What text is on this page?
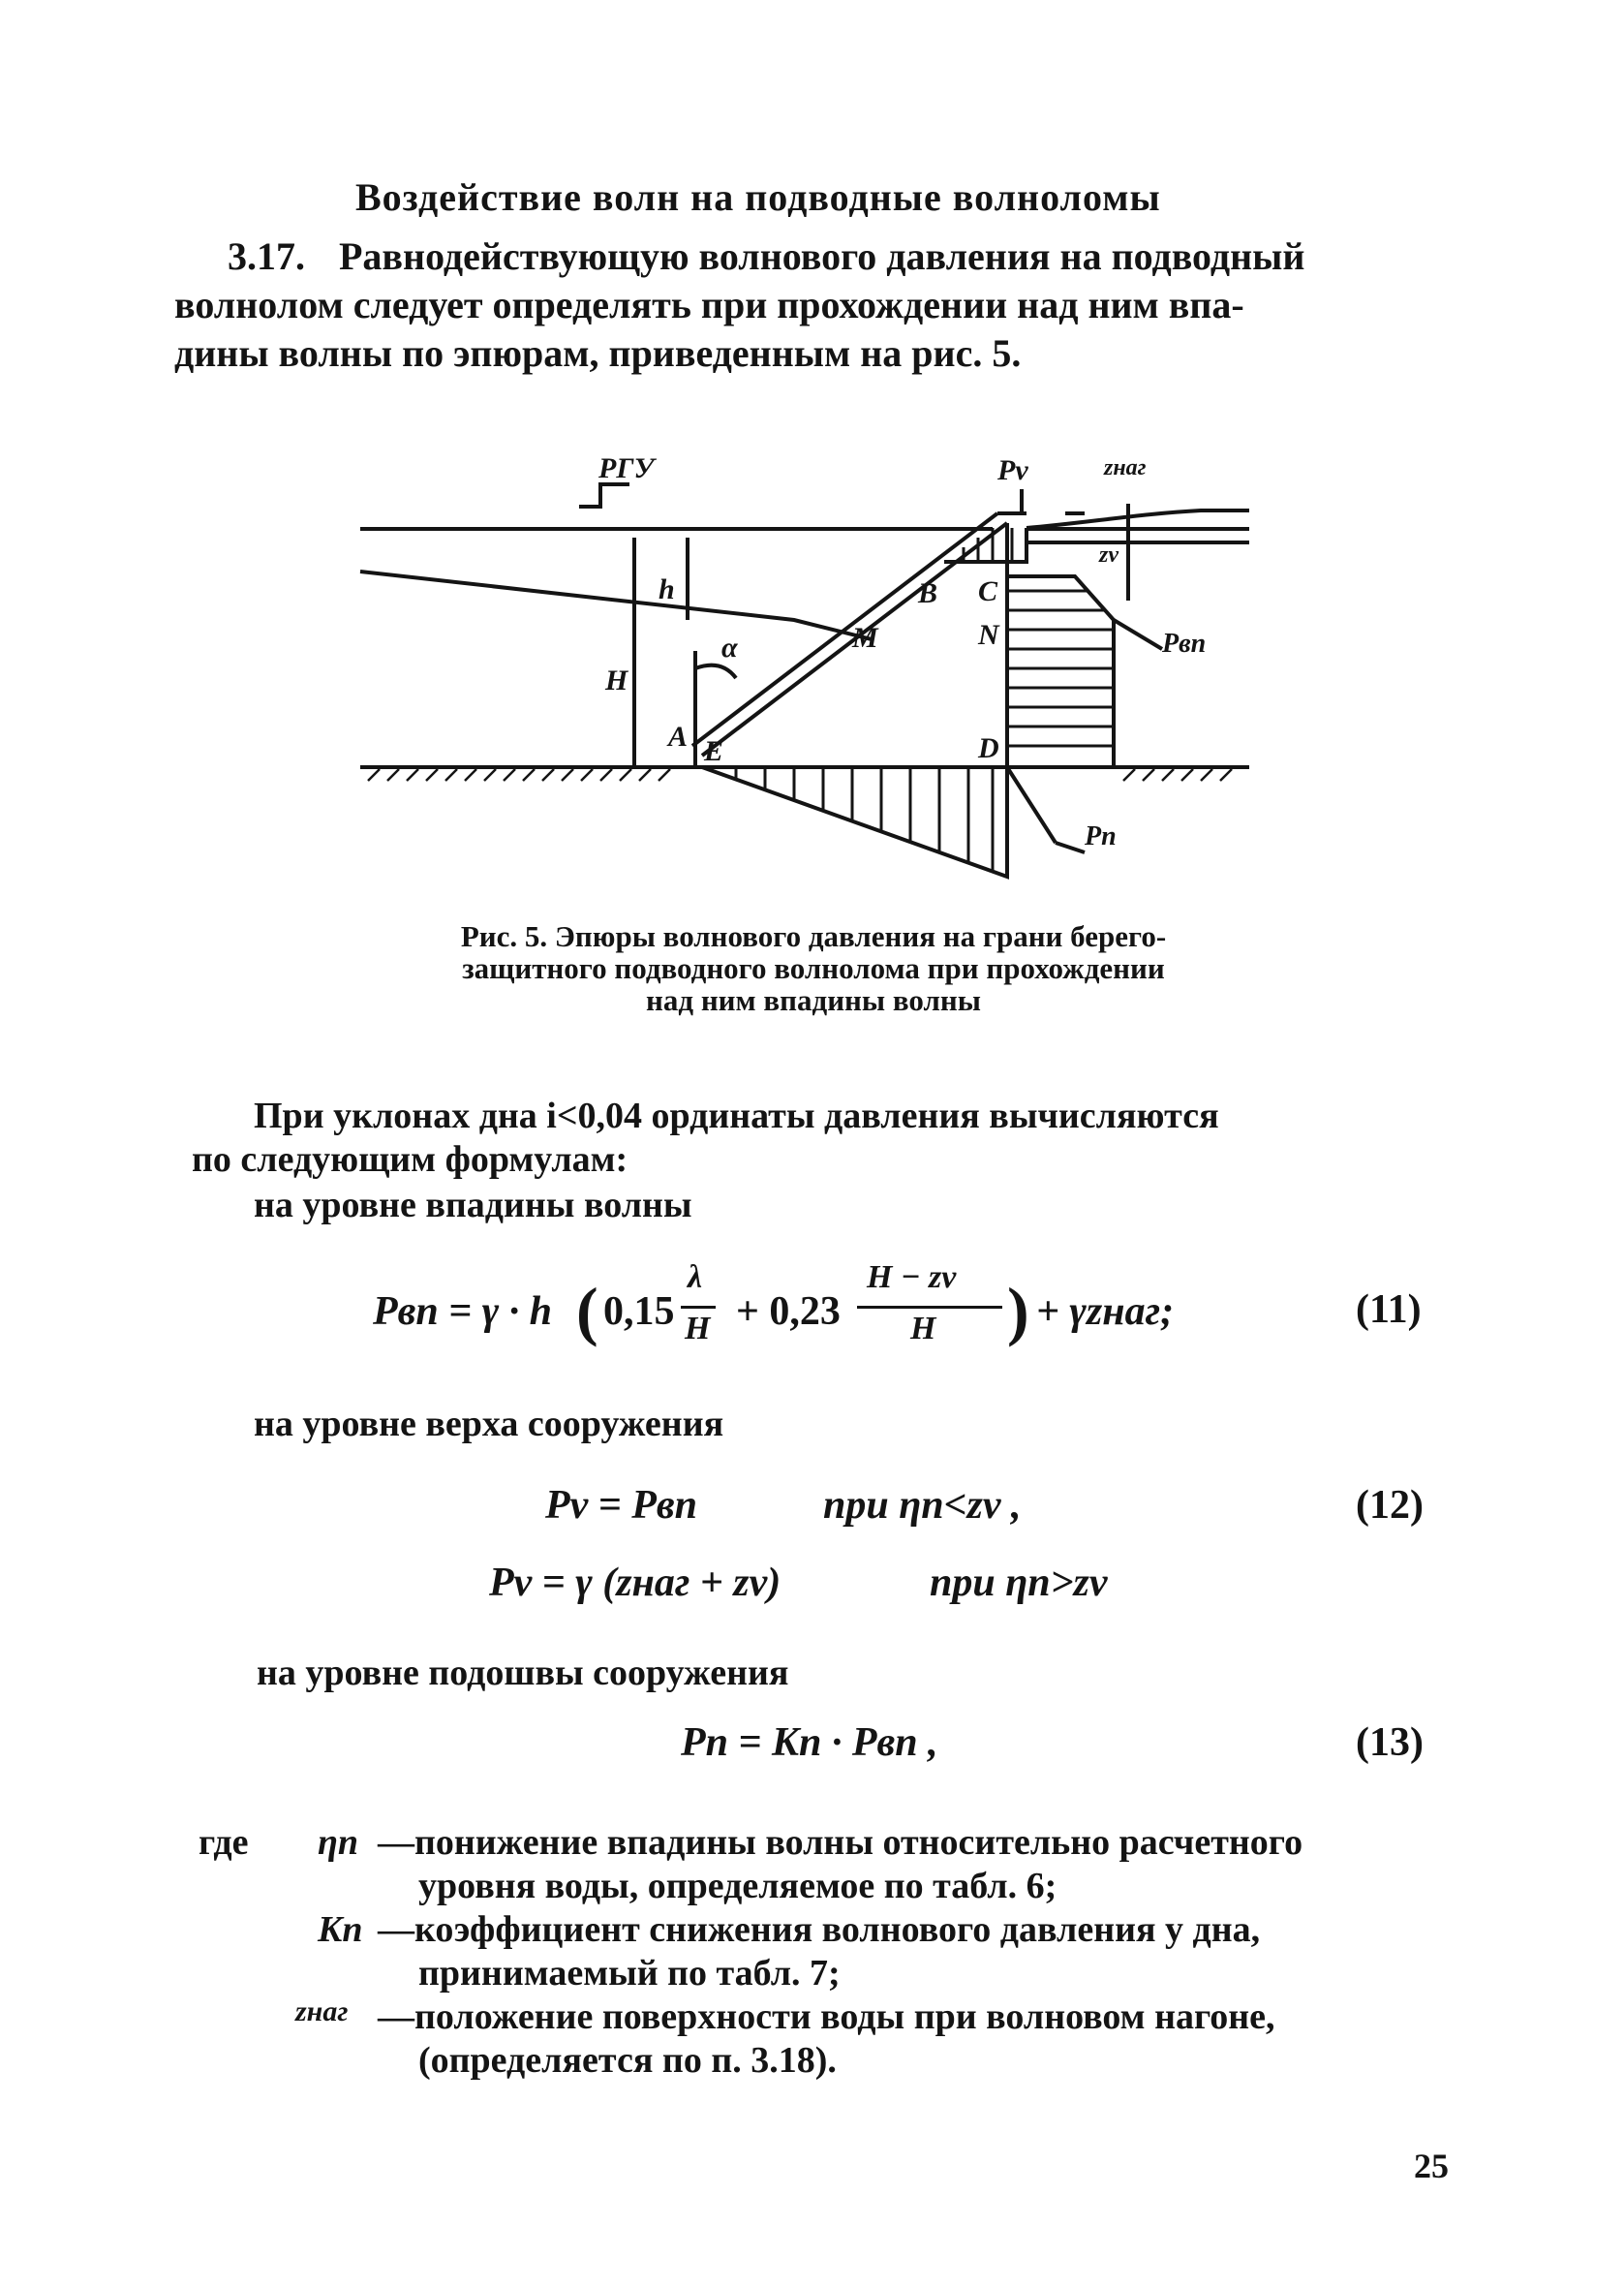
Воздействие волн на подводные волноломы
3.17. Равнодействующую волнового давления на подводный
волнолом следует определять при прохождении над ним впа-
дины волны по эпюрам, приведенным на рис. 5.
РГУ
h
H
α
A E
M
B C
N
D
Pv	zнаг
zv
Pвп
Pп
Рис. 5. Эпюры волнового давления на грани берего-
защитного подводного волнолома при прохождении
над ним впадины волны
При уклонах дна i<0,04 ординаты давления вычисляются
по следующим формулам:
на уровне впадины волны
Pвп = γ · h ( 0,15
λ
H + 0,23
H − zv
H ) + γzнаг;	(11)
на уровне верха сооружения
Pv = Pвп	при ηп<zv ,	(12)
Pv = γ (zнаг + zv)	при ηп>zv
на уровне подошвы сооружения
Pп = Kп · Pвп ,	(13)
где ηп —понижение впадины волны относительно расчетного
уровня воды, определяемое по табл. 6;
Kп —коэффициент снижения волнового давления у дна,
принимаемый по табл. 7;
zнаг —положение поверхности воды при волновом нагоне,
(определяется по п. 3.18).
25
